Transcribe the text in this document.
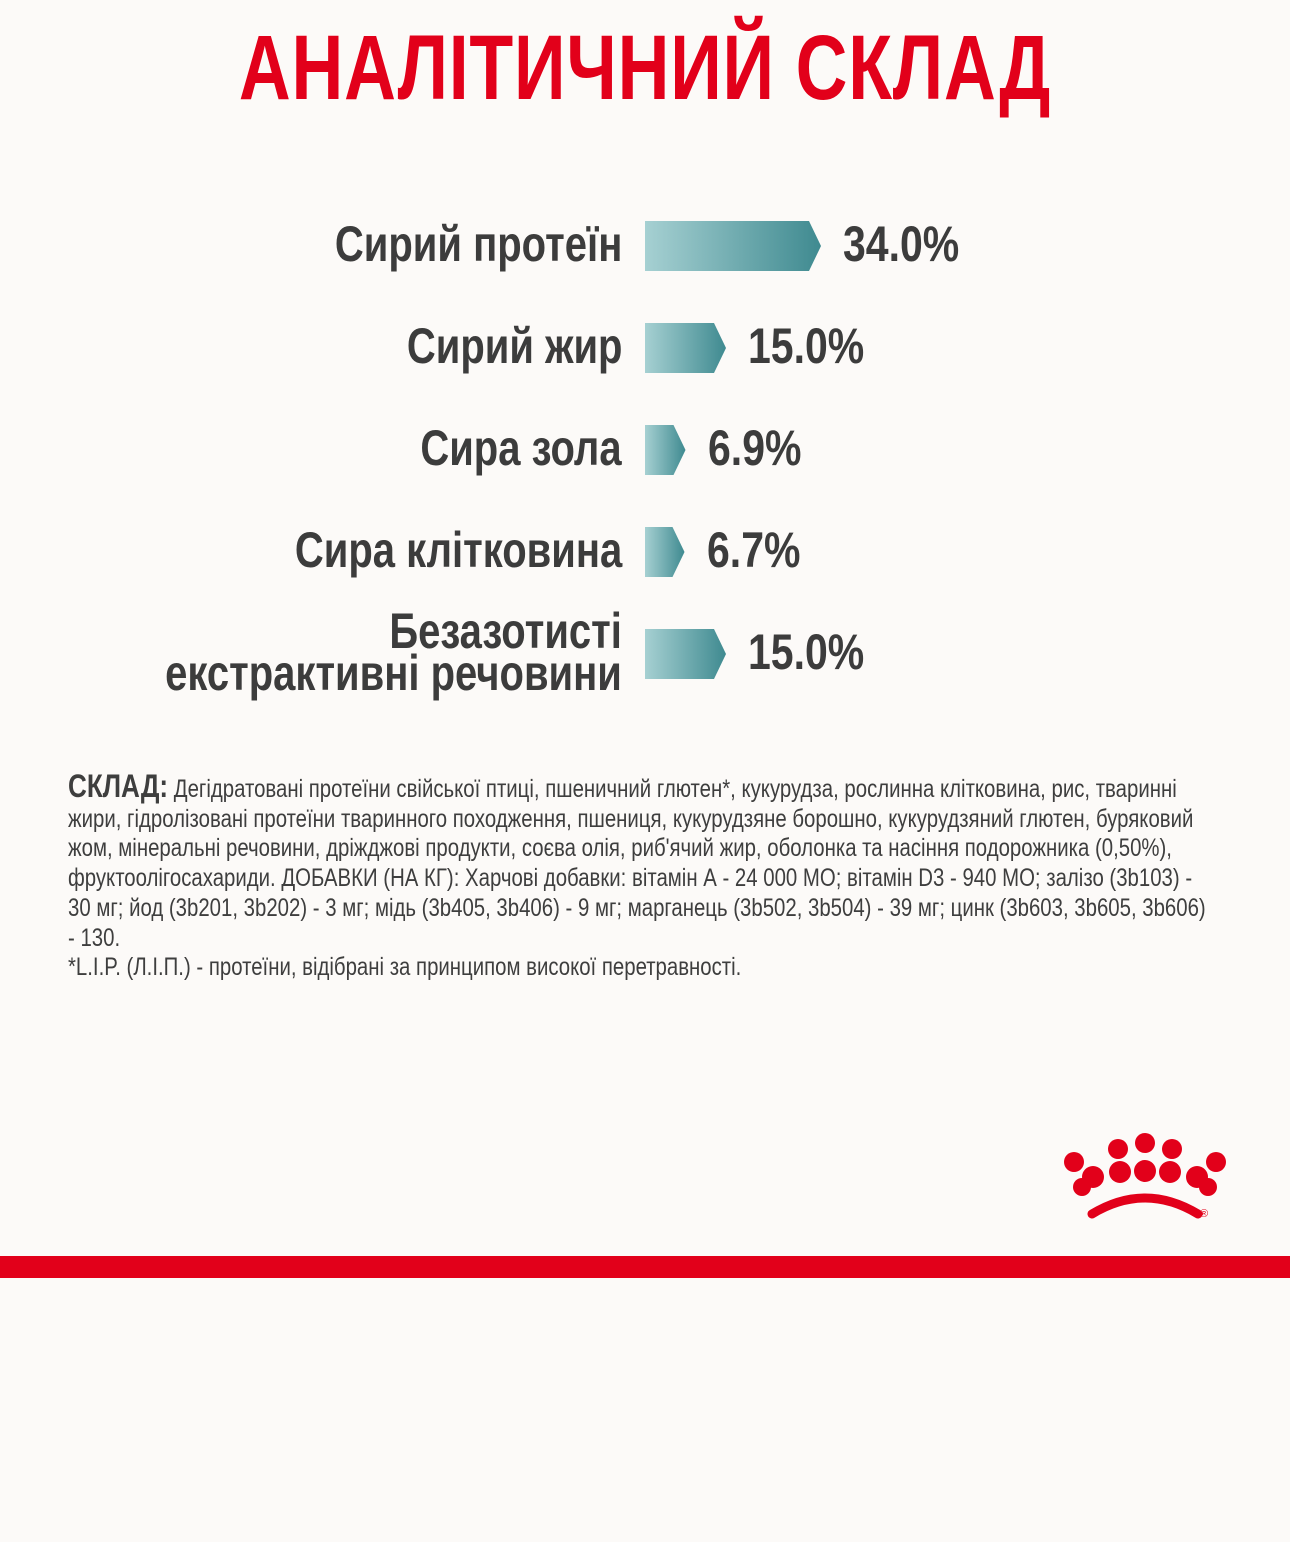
АНАЛІТИЧНИЙ СКЛАД
Сирий протеїн	34.0%
Сирий жир	15.0%
Сира зола 6.9%
Сира клітковина 6.7%
Безазотисті
екстрактивні речовини	15.0%

СКЛАД: Дегідратовані протеїни свійської птиці, пшеничний глютен*, кукурудза, рослинна клітковина, рис, тваринні жири, гідролізовані протеїни тваринного походження, пшениця, кукурудзяне борошно, кукурудзяний глютен, буряковий жом, мінеральні речовини, дріжджові продукти, соєва олія, риб'ячий жир, оболонка та насіння подорожника (0,50%), фруктоолігосахариди. ДОБАВКИ (НА КГ): Харчові добавки: вітамін А - 24 000 МО; вітамін D3 - 940 МО; залізо (3b103) - 30 мг; йод (3b201, 3b202) - 3 мг; мідь (3b405, 3b406) - 9 мг; марганець (3b502, 3b504) - 39 мг; цинк (3b603, 3b605, 3b606) - 130.

*L.I.P. (Л.І.П.) - протеїни, відібрані за принципом високої перетравності.

®
